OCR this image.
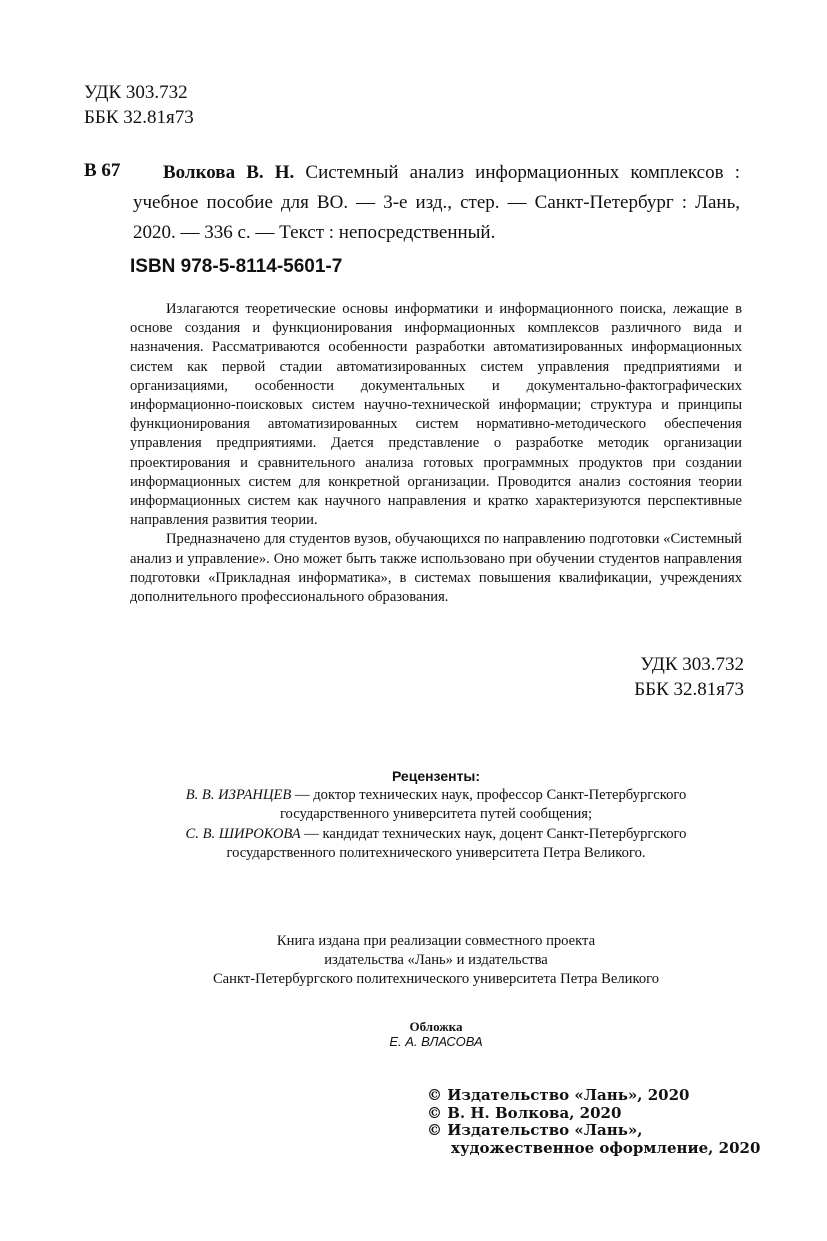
УДК 303.732
ББК 32.81я73
В 67	Волкова В. Н. Системный анализ информационных комплексов : учебное пособие для ВО. — 3-е изд., стер. — Санкт-Петербург : Лань, 2020. — 336 с. — Текст : непосредственный.
ISBN 978-5-8114-5601-7

Излагаются теоретические основы информатики и информационного поиска, лежащие в основе создания и функционирования информационных комплексов различного вида и назначения. Рассматриваются особенности разработки автоматизированных информационных систем как первой стадии автоматизированных систем управления предприятиями и организациями, особенности документальных и документально-фактографических информационно-поисковых систем научно-технической информации; структура и принципы функционирования автоматизированных систем нормативно-методического обеспечения управления предприятиями. Дается представление о разработке методик организации проектирования и сравнительного анализа готовых программных продуктов при создании информационных систем для конкретной организации. Проводится анализ состояния теории информационных систем как научного направления и кратко характеризуются перспективные направления развития теории.

Предназначено для студентов вузов, обучающихся по направлению подготовки «Системный анализ и управление». Оно может быть также использовано при обучении студентов направления подготовки «Прикладная информатика», в системах повышения квалификации, учреждениях дополнительного профессионального образования.

УДК 303.732
ББК 32.81я73
Рецензенты:

В. В. ИЗРАНЦЕВ — доктор технических наук, профессор Санкт-Петербургского

государственного университета путей сообщения;

С. В. ШИРОКОВА — кандидат технических наук, доцент Санкт-Петербургского

государственного политехнического университета Петра Великого.

Книга издана при реализации совместного проекта
издательства «Лань» и издательства
Санкт-Петербургского политехнического университета Петра Великого
Обложка
Е. А. ВЛАСОВА
© Издательство «Лань», 2020
© В. Н. Волкова, 2020
© Издательство «Лань»,
художественное оформление, 2020
